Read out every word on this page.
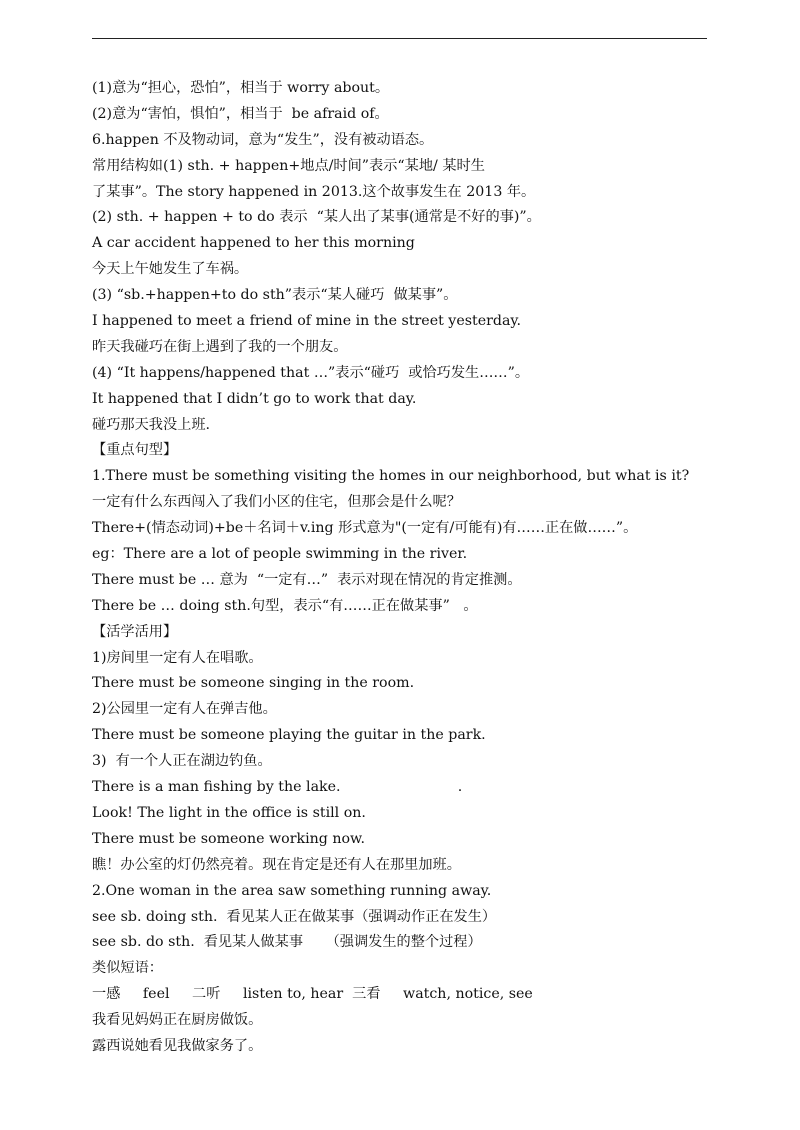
(1)意为“担心，恐怕”，相当于 worry about。
(2)意为“害怕，惧怕”，相当于  be afraid of。
6.happen 不及物动词，意为“发生”，没有被动语态。
常用结构如(1) sth. + happen+地点/时间”表示“某地/ 某时生
了某事”。The story happened in 2013.这个故事发生在 2013 年。
(2) sth. + happen + to do 表示  “某人出了某事(通常是不好的事)”。
A car accident happened to her this morning
今天上午她发生了车祸。
(3) “sb.+happen+to do sth”表示“某人碰巧  做某事”。
I happened to meet a friend of mine in the street yesterday.
昨天我碰巧在街上遇到了我的一个朋友。
(4) “It happens/happened that …”表示“碰巧  或恰巧发生……”。
It happened that I didn’t go to work that day.
碰巧那天我没上班.
【重点句型】
1.There must be something visiting the homes in our neighborhood, but what is it?
一定有什么东西闯入了我们小区的住宅，但那会是什么呢？
There+(情态动词)+be＋名词＋v.ing 形式意为"(一定有/可能有)有……正在做……”。
eg：There are a lot of people swimming in the river.
There must be … 意为  “一定有…”  表示对现在情况的肯定推测。
There be … doing sth.句型，表示“有……正在做某事”   。
【活学活用】
1)房间里一定有人在唱歌。
There must be someone singing in the room.
2)公园里一定有人在弹吉他。
There must be someone playing the guitar in the park.
3)  有一个人正在湖边钓鱼。
There is a man fishing by the lake.                          .
Look! The light in the office is still on.
There must be someone working now.
瞧！办公室的灯仍然亮着。现在肯定是还有人在那里加班。
2.One woman in the area saw something running away.
see sb. doing sth.  看见某人正在做某事（强调动作正在发生）
see sb. do sth.  看见某人做某事     （强调发生的整个过程）
类似短语：
一感     feel     二听     listen to, hear  三看     watch, notice, see
我看见妈妈正在厨房做饭。
露西说她看见我做家务了。
